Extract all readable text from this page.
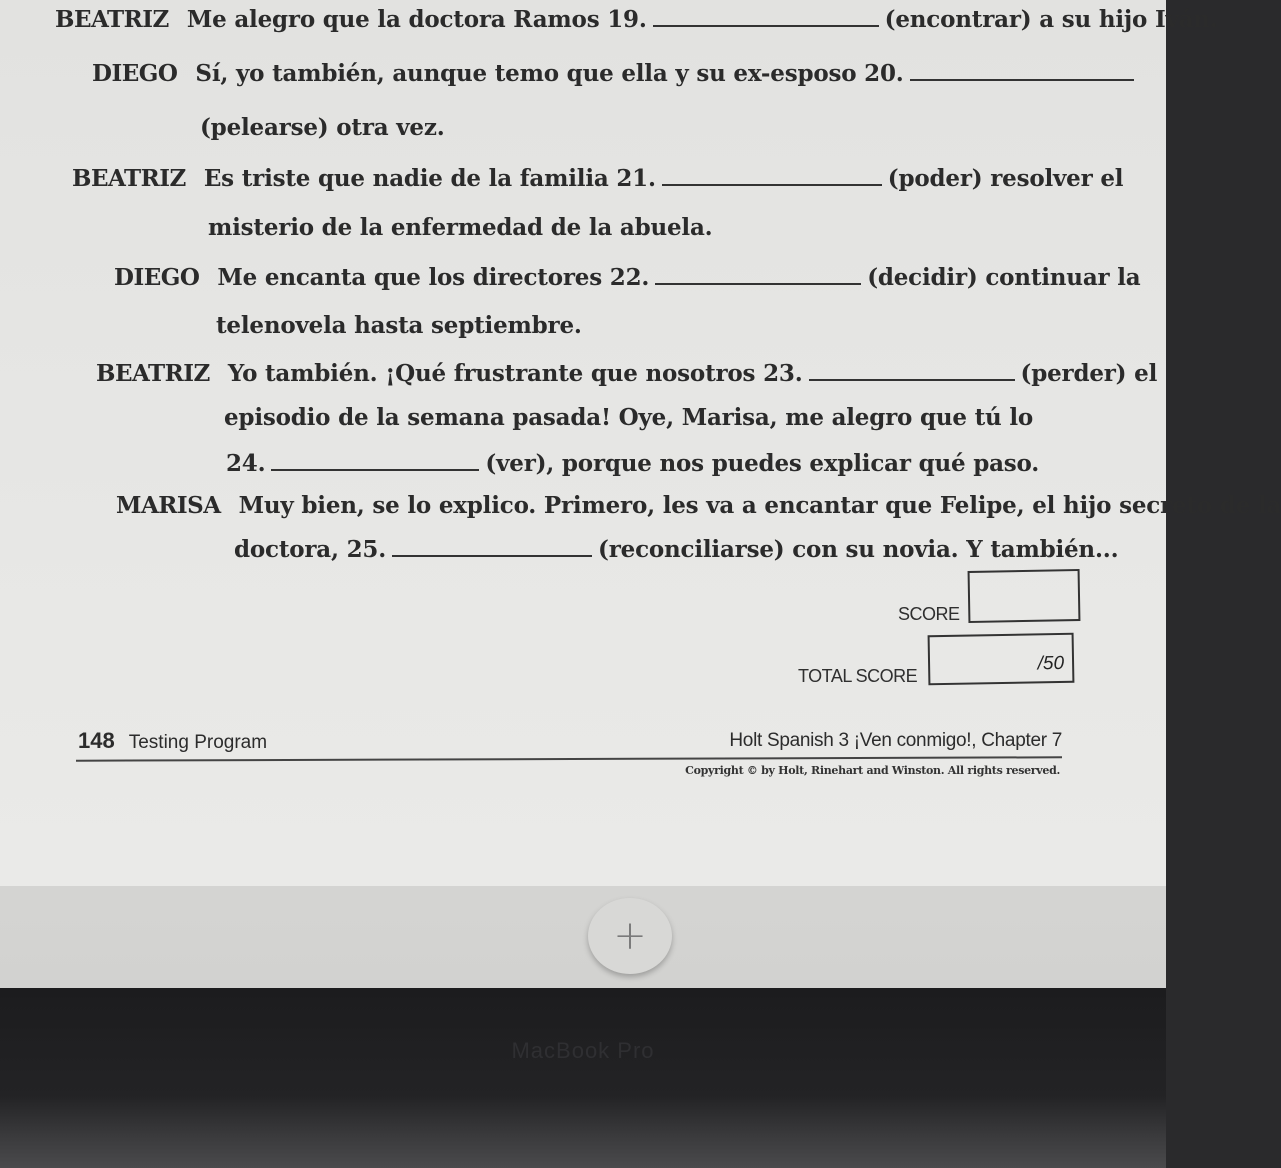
BEATRIZ Me alegro que la doctora Ramos 19.	(encontrar) a su hijo Iván.
DIEGO Sí, yo también, aunque temo que ella y su ex-esposo 20.
(pelearse) otra vez.
BEATRIZ Es triste que nadie de la familia 21.	(poder) resolver el
misterio de la enfermedad de la abuela.
DIEGO Me encanta que los directores 22.	(decidir) continuar la
telenovela hasta septiembre.
BEATRIZ Yo también. ¡Qué frustrante que nosotros 23.	(perder) el
episodio de la semana pasada! Oye, Marisa, me alegro que tú lo
24.	(ver), porque nos puedes explicar qué paso.
MARISA Muy bien, se lo explico. Primero, les va a encantar que Felipe, el hijo secreto de la
doctora, 25.	(reconciliarse) con su novia. Y también...
SCORE
TOTAL SCORE
/50
148 Testing Program	Holt Spanish 3 ¡Ven conmigo!, Chapter 7
Copyright © by Holt, Rinehart and Winston. All rights reserved.
+
MacBook Pro
